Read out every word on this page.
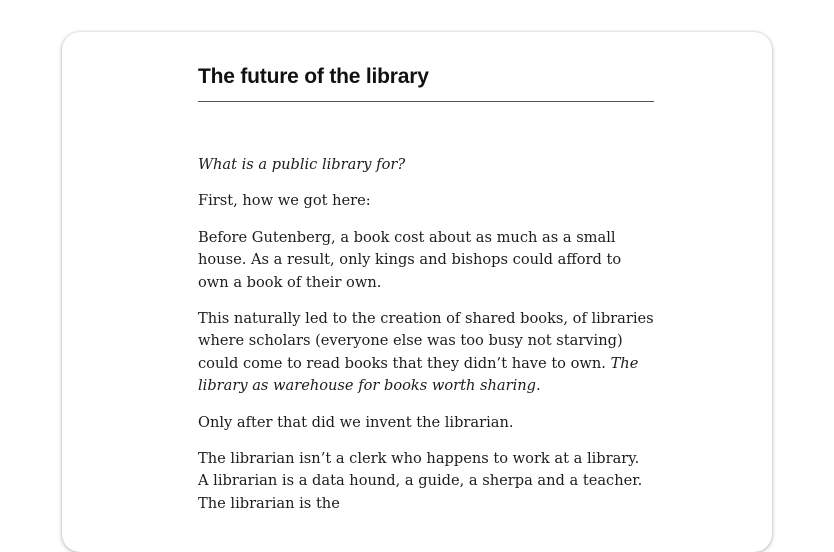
The future of the library

What is a public library for?

First, how we got here:

Before Gutenberg, a book cost about as much as a small house. As a result, only kings and bishops could afford to own a book of their own.

This naturally led to the creation of shared books, of libraries where scholars (everyone else was too busy not starving) could come to read books that they didn’t have to own. The library as warehouse for books worth sharing.

Only after that did we invent the librarian.

The librarian isn’t a clerk who happens to work at a library. A librarian is a data hound, a guide, a sherpa and a teacher. The librarian is the
